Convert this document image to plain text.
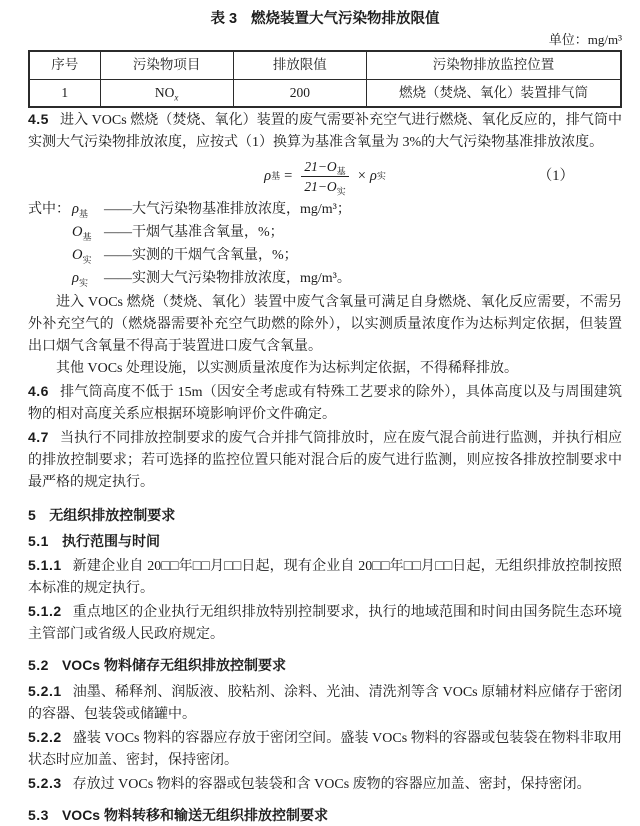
表 3 燃烧装置大气污染物排放限值
单位：mg/m³
序号	污染物项目	排放限值	污染物排放监控位置
1	$NO_x$	200	燃烧（焚烧、氧化）装置排气筒

4.5 进入 VOCs 燃烧（焚烧、氧化）装置的废气需要补充空气进行燃烧、氧化反应的，排气筒中实测大气污染物排放浓度，应按式（1）换算为基准含氧量为 3%的大气污染物基准排放浓度。

ρ 基 = $\frac{21-O_基}{21-O_实} \times \rho$ 实	（1）
式中： $\rho_基$	——大气污染物基准排放浓度，mg/m³；
$O_基$ ——干烟气基准含氧量，%；
$O_实$ ——实测的干烟气含氧量，%；
$\rho_实$	——实测大气污染物排放浓度，mg/m³。

进入 VOCs 燃烧（焚烧、氧化）装置中废气含氧量可满足自身燃烧、氧化反应需要，不需另外补充空气的（燃烧器需要补充空气助燃的除外），以实测质量浓度作为达标判定依据，但装置出口烟气含氧量不得高于装置进口废气含氧量。

其他 VOCs 处理设施，以实测质量浓度作为达标判定依据，不得稀释排放。

4.6 排气筒高度不低于 15m（因安全考虑或有特殊工艺要求的除外），具体高度以及与周围建筑物的相对高度关系应根据环境影响评价文件确定。

4.7 当执行不同排放控制要求的废气合并排气筒排放时，应在废气混合前进行监测，并执行相应的排放控制要求；若可选择的监控位置只能对混合后的废气进行监测，则应按各排放控制要求中最严格的规定执行。

5 无组织排放控制要求
5.1 执行范围与时间

5.1.1 新建企业自 20□□年□□月□□日起，现有企业自 20□□年□□月□□日起，无组织排放控制按照本标准的规定执行。

5.1.2 重点地区的企业执行无组织排放特别控制要求，执行的地域范围和时间由国务院生态环境主管部门或省级人民政府规定。

5.2 VOCs 物料储存无组织排放控制要求

5.2.1 油墨、稀释剂、润版液、胶粘剂、涂料、光油、清洗剂等含 VOCs 原辅材料应储存于密闭的容器、包装袋或储罐中。

5.2.2 盛装 VOCs 物料的容器应存放于密闭空间。盛装 VOCs 物料的容器或包装袋在物料非取用状态时应加盖、密封，保持密闭。

5.2.3 存放过 VOCs 物料的容器或包装袋和含 VOCs 废物的容器应加盖、密封，保持密闭。

5.3 VOCs 物料转移和输送无组织排放控制要求
